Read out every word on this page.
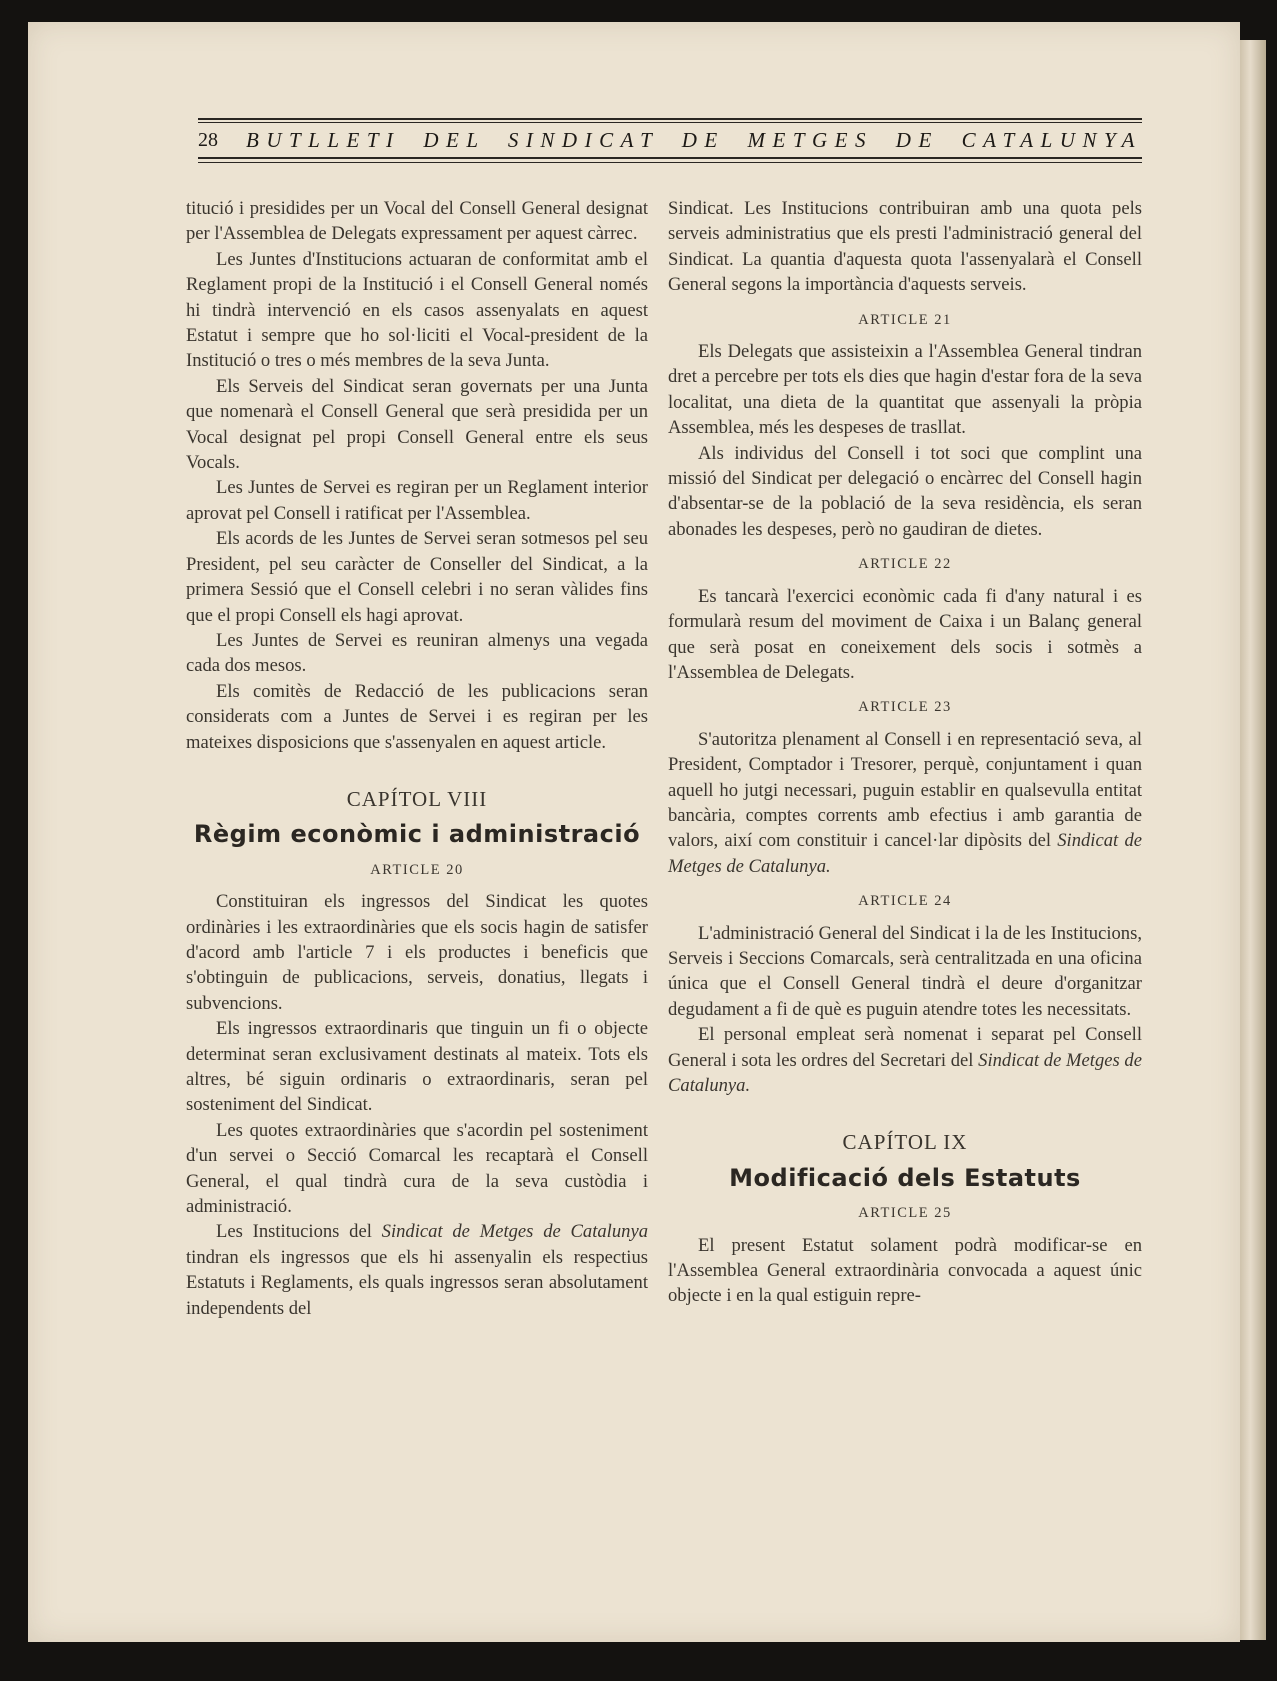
28	BUTLLETI DEL SINDICAT DE METGES DE CATALUNYA

titució i presidides per un Vocal del Consell General designat per l'Assemblea de Delegats expressament per aquest càrrec.

Les Juntes d'Institucions actuaran de conformitat amb el Reglament propi de la Institució i el Consell General només hi tindrà intervenció en els casos assenyalats en aquest Estatut i sempre que ho sol·liciti el Vocal-president de la Institució o tres o més membres de la seva Junta.

Els Serveis del Sindicat seran governats per una Junta que nomenarà el Consell General que serà presidida per un Vocal designat pel propi Consell General entre els seus Vocals.

Les Juntes de Servei es regiran per un Reglament interior aprovat pel Consell i ratificat per l'Assemblea.

Els acords de les Juntes de Servei seran sotmesos pel seu President, pel seu caràcter de Conseller del Sindicat, a la primera Sessió que el Consell celebri i no seran vàlides fins que el propi Consell els hagi aprovat.

Les Juntes de Servei es reuniran almenys una vegada cada dos mesos.

Els comitès de Redacció de les publicacions seran considerats com a Juntes de Servei i es regiran per les mateixes disposicions que s'assenyalen en aquest article.

CAPÍTOL VIII
Règim econòmic i administració
ARTICLE 20

Constituiran els ingressos del Sindicat les quotes ordinàries i les extraordinàries que els socis hagin de satisfer d'acord amb l'article 7 i els productes i beneficis que s'obtinguin de publicacions, serveis, donatius, llegats i subvencions.

Els ingressos extraordinaris que tinguin un fi o objecte determinat seran exclusivament destinats al mateix. Tots els altres, bé siguin ordinaris o extraordinaris, seran pel sosteniment del Sindicat.

Les quotes extraordinàries que s'acordin pel sosteniment d'un servei o Secció Comarcal les recaptarà el Consell General, el qual tindrà cura de la seva custòdia i administració.

Les Institucions del Sindicat de Metges de Catalunya tindran els ingressos que els hi assenyalin els respectius Estatuts i Reglaments, els quals ingressos seran absolutament independents del

Sindicat. Les Institucions contribuiran amb una quota pels serveis administratius que els presti l'administració general del Sindicat. La quantia d'aquesta quota l'assenyalarà el Consell General segons la importància d'aquests serveis.

ARTICLE 21

Els Delegats que assisteixin a l'Assemblea General tindran dret a percebre per tots els dies que hagin d'estar fora de la seva localitat, una dieta de la quantitat que assenyali la pròpia Assemblea, més les despeses de trasllat.

Als individus del Consell i tot soci que complint una missió del Sindicat per delegació o encàrrec del Consell hagin d'absentar-se de la població de la seva residència, els seran abonades les despeses, però no gaudiran de dietes.

ARTICLE 22

Es tancarà l'exercici econòmic cada fi d'any natural i es formularà resum del moviment de Caixa i un Balanç general que serà posat en coneixement dels socis i sotmès a l'Assemblea de Delegats.

ARTICLE 23

S'autoritza plenament al Consell i en representació seva, al President, Comptador i Tresorer, perquè, conjuntament i quan aquell ho jutgi necessari, puguin establir en qualsevulla entitat bancària, comptes corrents amb efectius i amb garantia de valors, així com constituir i cancel·lar dipòsits del Sindicat de Metges de Catalunya.

ARTICLE 24

L'administració General del Sindicat i la de les Institucions, Serveis i Seccions Comarcals, serà centralitzada en una oficina única que el Consell General tindrà el deure d'organitzar degudament a fi de què es puguin atendre totes les necessitats.

El personal empleat serà nomenat i separat pel Consell General i sota les ordres del Secretari del Sindicat de Metges de Catalunya.

CAPÍTOL IX
Modificació dels Estatuts
ARTICLE 25

El present Estatut solament podrà modificar-se en l'Assemblea General extraordinària convocada a aquest únic objecte i en la qual estiguin repre-
